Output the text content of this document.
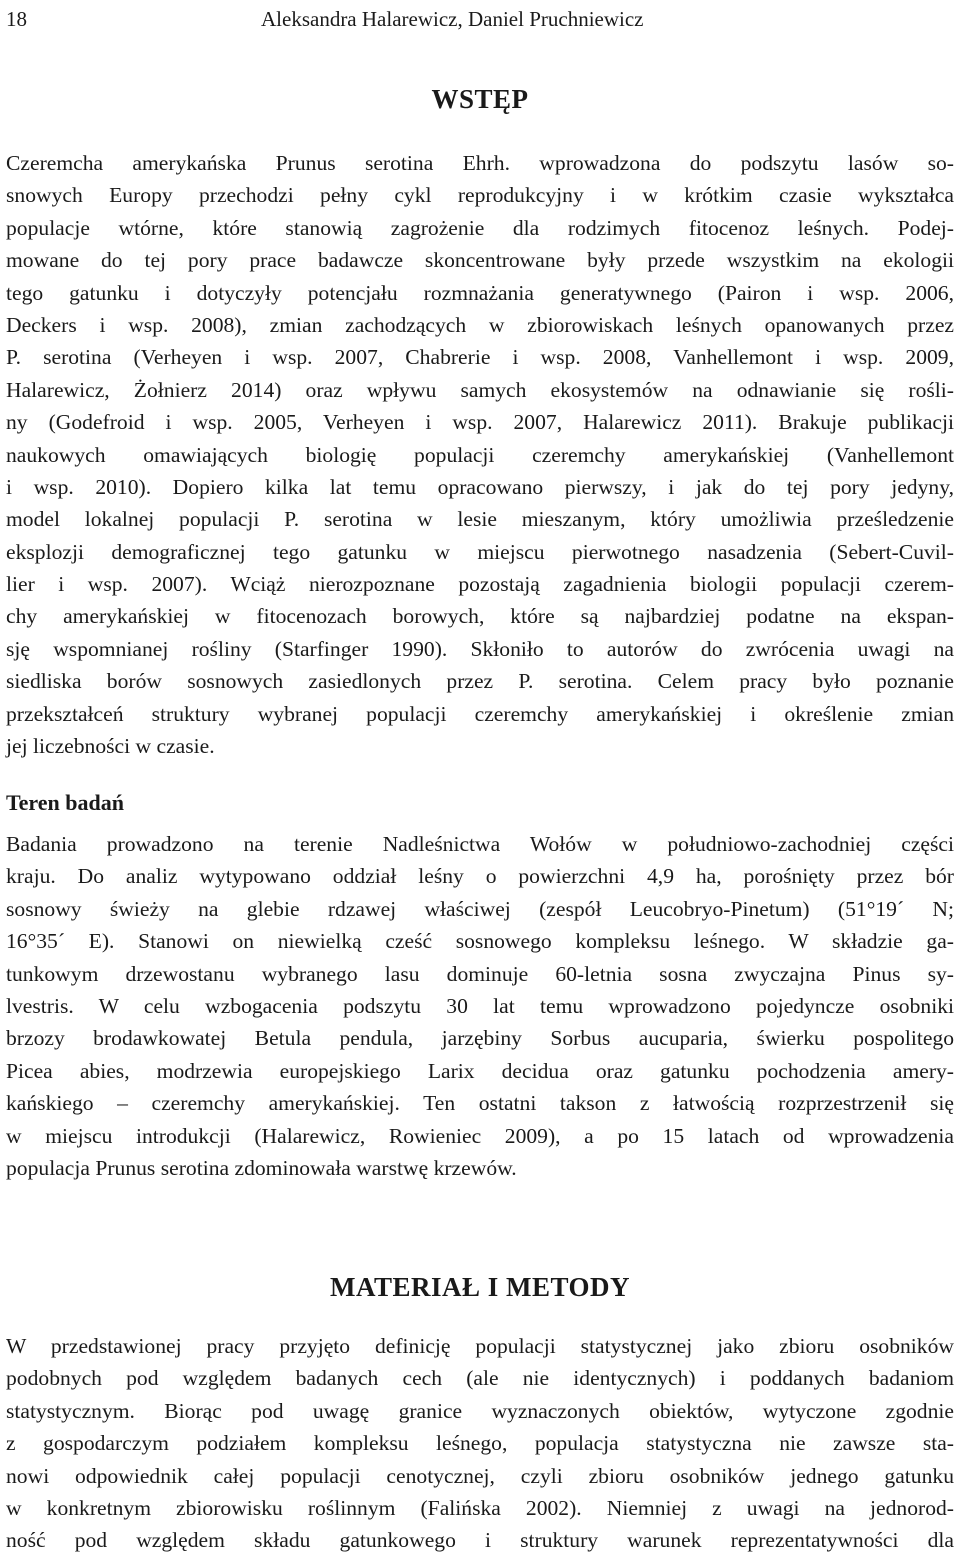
18	Aleksandra Halarewicz, Daniel Pruchniewicz
WSTĘP
Czeremcha amerykańska Prunus serotina Ehrh. wprowadzona do podszytu lasów so-
snowych Europy przechodzi pełny cykl reprodukcyjny i w krótkim czasie wykształca
populacje wtórne, które stanowią zagrożenie dla rodzimych fitocenoz leśnych. Podej-
mowane do tej pory prace badawcze skoncentrowane były przede wszystkim na ekologii
tego gatunku i dotyczyły potencjału rozmnażania generatywnego (Pairon i wsp. 2006,
Deckers i wsp. 2008), zmian zachodzących w zbiorowiskach leśnych opanowanych przez
P. serotina (Verheyen i wsp. 2007, Chabrerie i wsp. 2008, Vanhellemont i wsp. 2009,
Halarewicz, Żołnierz 2014) oraz wpływu samych ekosystemów na odnawianie się rośli-
ny (Godefroid i wsp. 2005, Verheyen i wsp. 2007, Halarewicz 2011). Brakuje publikacji
naukowych omawiających biologię populacji czeremchy amerykańskiej (Vanhellemont
i wsp. 2010). Dopiero kilka lat temu opracowano pierwszy, i jak do tej pory jedyny,
model lokalnej populacji P. serotina w lesie mieszanym, który umożliwia prześledzenie
eksplozji demograficznej tego gatunku w miejscu pierwotnego nasadzenia (Sebert-Cuvil-
lier i wsp. 2007). Wciąż nierozpoznane pozostają zagadnienia biologii populacji czerem-
chy amerykańskiej w fitocenozach borowych, które są najbardziej podatne na ekspan-
sję wspomnianej rośliny (Starfinger 1990). Skłoniło to autorów do zwrócenia uwagi na
siedliska borów sosnowych zasiedlonych przez P. serotina. Celem pracy było poznanie
przekształceń struktury wybranej populacji czeremchy amerykańskiej i określenie zmian
jej liczebności w czasie.
Teren badań
Badania prowadzono na terenie Nadleśnictwa Wołów w południowo-zachodniej części
kraju. Do analiz wytypowano oddział leśny o powierzchni 4,9 ha, porośnięty przez bór
sosnowy świeży na glebie rdzawej właściwej (zespół Leucobryo-Pinetum) (51°19´ N;
16°35´ E). Stanowi on niewielką cześć sosnowego kompleksu leśnego. W składzie ga-
tunkowym drzewostanu wybranego lasu dominuje 60-letnia sosna zwyczajna Pinus sy-
lvestris. W celu wzbogacenia podszytu 30 lat temu wprowadzono pojedyncze osobniki
brzozy brodawkowatej Betula pendula, jarzębiny Sorbus aucuparia, świerku pospolitego
Picea abies, modrzewia europejskiego Larix decidua oraz gatunku pochodzenia amery-
kańskiego – czeremchy amerykańskiej. Ten ostatni takson z łatwością rozprzestrzenił się
w miejscu introdukcji (Halarewicz, Rowieniec 2009), a po 15 latach od wprowadzenia
populacja Prunus serotina zdominowała warstwę krzewów.
MATERIAŁ I METODY
W przedstawionej pracy przyjęto definicję populacji statystycznej jako zbioru osobników
podobnych pod względem badanych cech (ale nie identycznych) i poddanych badaniom
statystycznym. Biorąc pod uwagę granice wyznaczonych obiektów, wytyczone zgodnie
z gospodarczym podziałem kompleksu leśnego, populacja statystyczna nie zawsze sta-
nowi odpowiednik całej populacji cenotycznej, czyli zbioru osobników jednego gatunku
w konkretnym zbiorowisku roślinnym (Falińska 2002). Niemniej z uwagi na jednorod-
ność pod względem składu gatunkowego i struktury warunek reprezentatywności dla
